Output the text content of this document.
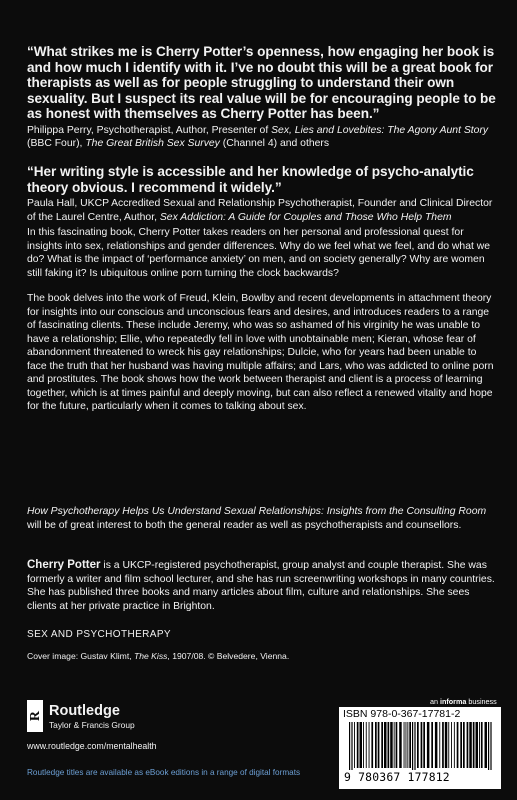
“What strikes me is Cherry Potter’s openness, how engaging her book is and how much I identify with it. I’ve no doubt this will be a great book for therapists as well as for people struggling to understand their own sexuality. But I suspect its real value will be for encouraging people to be as honest with themselves as Cherry Potter has been.”
Philippa Perry, Psychotherapist, Author, Presenter of Sex, Lies and Lovebites: The Agony Aunt Story (BBC Four), The Great British Sex Survey (Channel 4) and others
“Her writing style is accessible and her knowledge of psycho-analytic theory obvious. I recommend it widely.”
Paula Hall, UKCP Accredited Sexual and Relationship Psychotherapist, Founder and Clinical Director of the Laurel Centre, Author, Sex Addiction: A Guide for Couples and Those Who Help Them
In this fascinating book, Cherry Potter takes readers on her personal and professional quest for insights into sex, relationships and gender differences. Why do we feel what we feel, and do what we do? What is the impact of ‘performance anxiety’ on men, and on society generally? Why are women still faking it? Is ubiquitous online porn turning the clock backwards?
The book delves into the work of Freud, Klein, Bowlby and recent developments in attachment theory for insights into our conscious and unconscious fears and desires, and introduces readers to a range of fascinating clients. These include Jeremy, who was so ashamed of his virginity he was unable to have a relationship; Ellie, who repeatedly fell in love with unobtainable men; Kieran, whose fear of abandonment threatened to wreck his gay relationships; Dulcie, who for years had been unable to face the truth that her husband was having multiple affairs; and Lars, who was addicted to online porn and prostitutes. The book shows how the work between therapist and client is a process of learning together, which is at times painful and deeply moving, but can also reflect a renewed vitality and hope for the future, particularly when it comes to talking about sex.
How Psychotherapy Helps Us Understand Sexual Relationships: Insights from the Consulting Room will be of great interest to both the general reader as well as psychotherapists and counsellors.
Cherry Potter is a UKCP-registered psychotherapist, group analyst and couple therapist. She was formerly a writer and film school lecturer, and she has run screenwriting workshops in many countries. She has published three books and many articles about film, culture and relationships. She sees clients at her private practice in Brighton.
SEX AND PSYCHOTHERAPY
Cover image: Gustav Klimt, The Kiss, 1907/08. © Belvedere, Vienna.
R Routledge
Taylor & Francis Group
www.routledge.com/mentalhealth
Routledge titles are available as eBook editions in a range of digital formats
an informa business
ISBN 978-0-367-17781-2
9 780367 177812
